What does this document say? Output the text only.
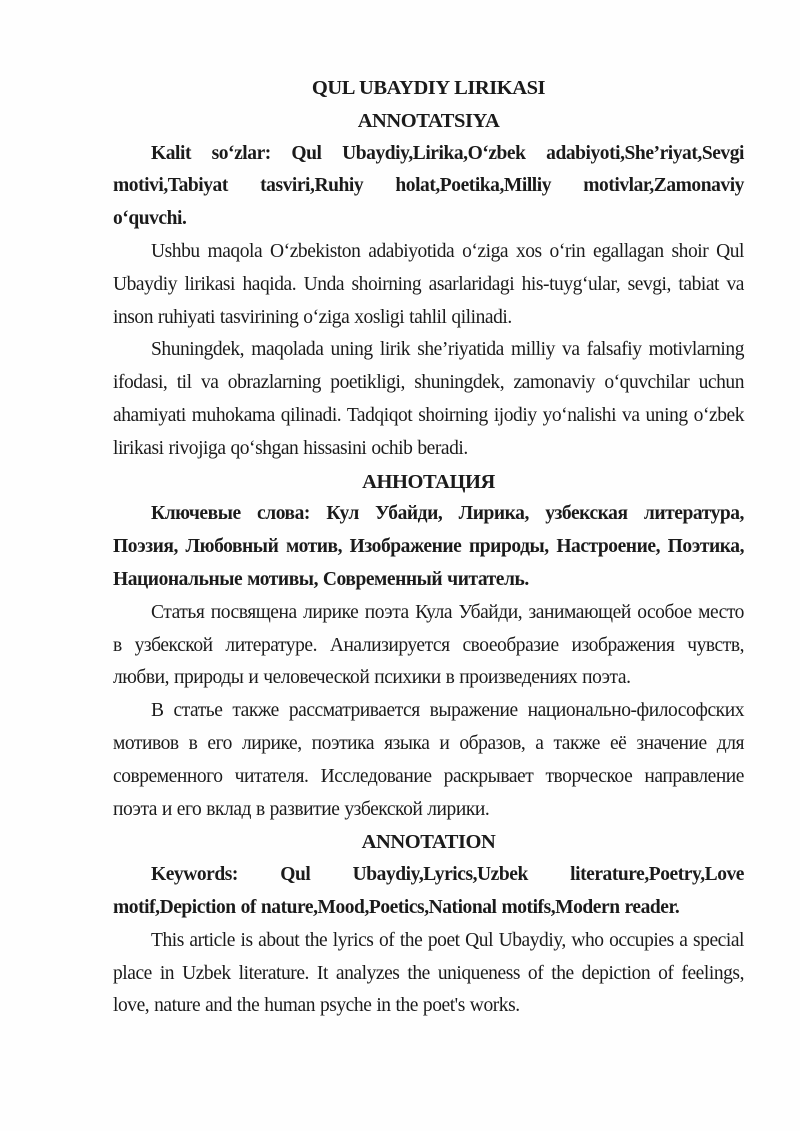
QUL UBAYDIY LIRIKASI
ANNOTATSIYA
Kalit so‘zlar: Qul Ubaydiy,Lirika,O‘zbek adabiyoti,She’riyat,Sevgi
motivi,Tabiyat tasviri,Ruhiy holat,Poetika,Milliy motivlar,Zamonaviy
o‘quvchi.
Ushbu maqola O‘zbekiston adabiyotida o‘ziga xos o‘rin egallagan shoir Qul
Ubaydiy lirikasi haqida. Unda shoirning asarlaridagi his-tuyg‘ular, sevgi, tabiat va
inson ruhiyati tasvirining o‘ziga xosligi tahlil qilinadi.
Shuningdek, maqolada uning lirik she’riyatida milliy va falsafiy motivlarning
ifodasi, til va obrazlarning poetikligi, shuningdek, zamonaviy o‘quvchilar uchun
ahamiyati muhokama qilinadi. Tadqiqot shoirning ijodiy yo‘nalishi va uning o‘zbek
lirikasi rivojiga qo‘shgan hissasini ochib beradi.
АННОТАЦИЯ
Ключевые слова: Кул Убайди, Лирика, узбекская литература,
Поэзия, Любовный мотив, Изображение природы, Настроение, Поэтика,
Национальные мотивы, Современный читатель.
Статья посвящена лирике поэта Кула Убайди, занимающей особое место
в узбекской литературе. Анализируется своеобразие изображения чувств,
любви, природы и человеческой психики в произведениях поэта.
В статье также рассматривается выражение национально-философских
мотивов в его лирике, поэтика языка и образов, а также её значение для
современного читателя. Исследование раскрывает творческое направление
поэта и его вклад в развитие узбекской лирики.
ANNOTATION
Keywords: Qul Ubaydiy,Lyrics,Uzbek literature,Poetry,Love
motif,Depiction of nature,Mood,Poetics,National motifs,Modern reader.
This article is about the lyrics of the poet Qul Ubaydiy, who occupies a special
place in Uzbek literature. It analyzes the uniqueness of the depiction of feelings,
love, nature and the human psyche in the poet's works.
